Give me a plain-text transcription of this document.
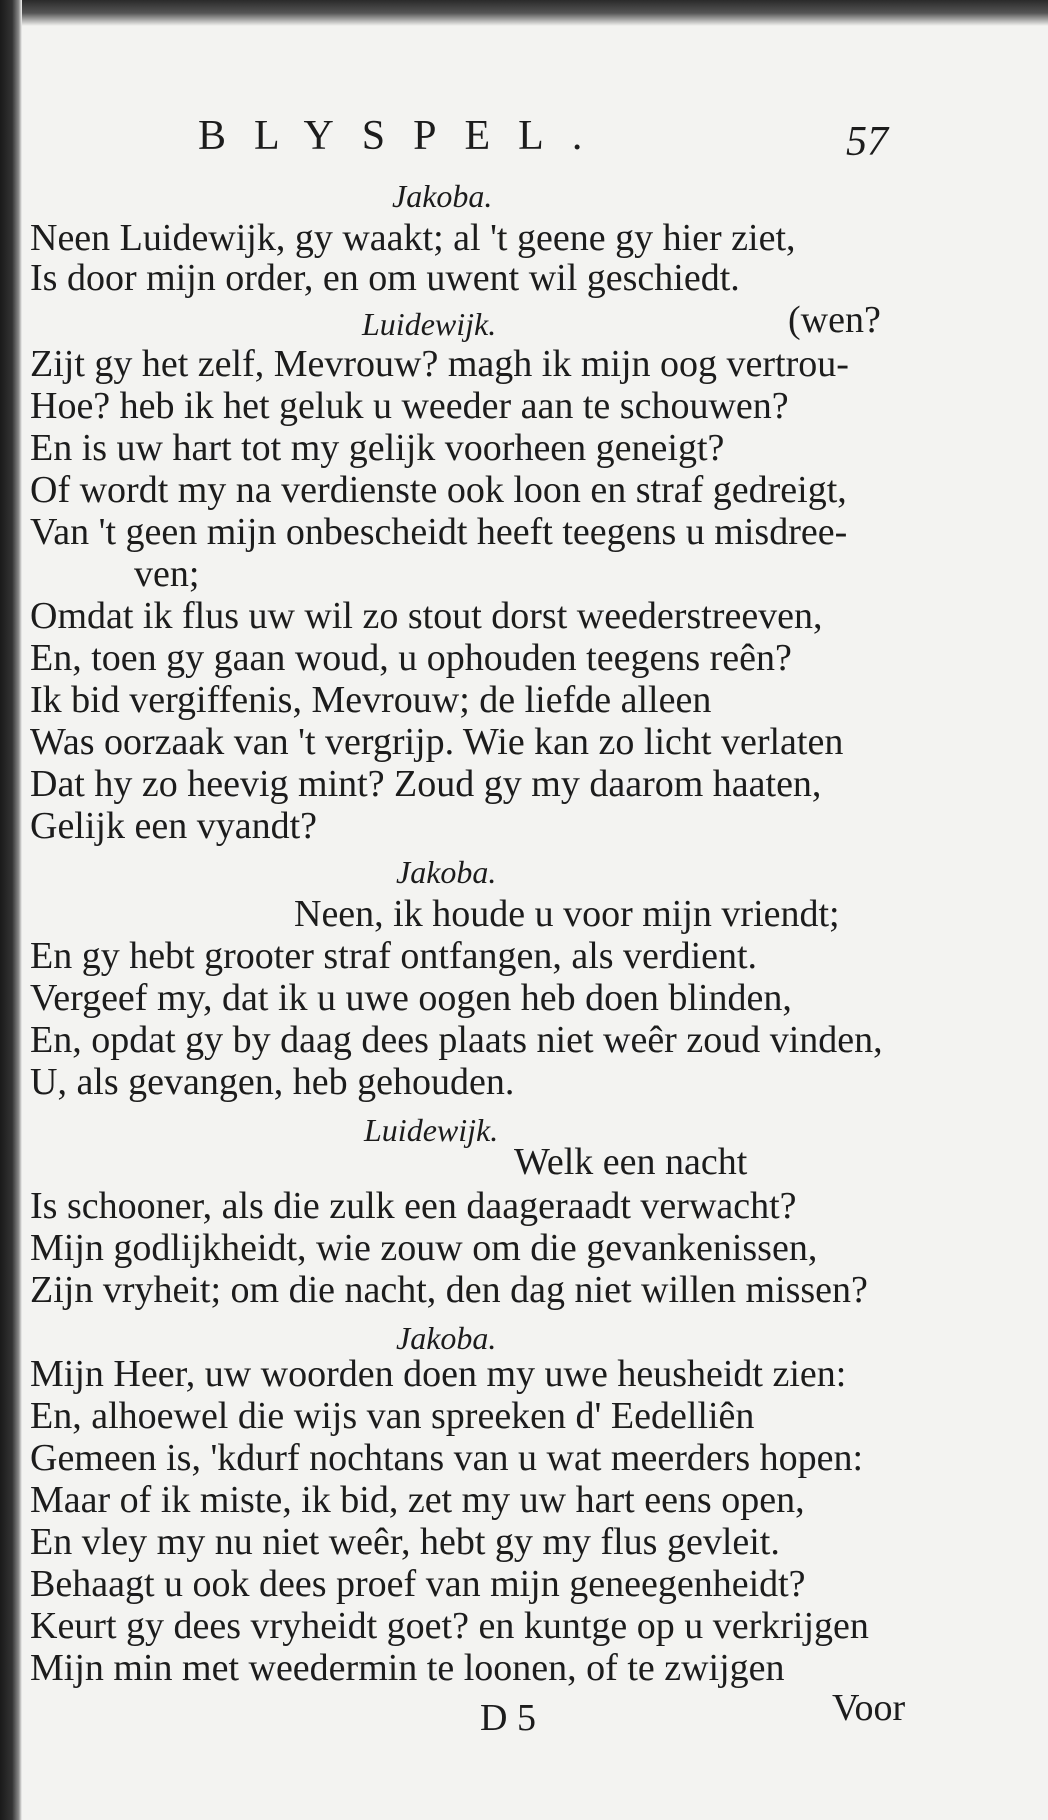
BLYSPEL.	57
Jakoba.
Neen Luidewijk, gy waakt; al 't geene gy hier ziet,
Is door mijn order, en om uwent wil geschiedt.
Luidewijk.	(wen?
Zijt gy het zelf, Mevrouw? magh ik mijn oog vertrou-
Hoe? heb ik het geluk u weeder aan te schouwen?
En is uw hart tot my gelijk voorheen geneigt?
Of wordt my na verdienste ook loon en straf gedreigt,
Van 't geen mijn onbescheidt heeft teegens u misdree-
ven;
Omdat ik flus uw wil zo stout dorst weederstreeven,
En, toen gy gaan woud, u ophouden teegens reên?
Ik bid vergiffenis, Mevrouw; de liefde alleen
Was oorzaak van 't vergrijp. Wie kan zo licht verlaten
Dat hy zo heevig mint? Zoud gy my daarom haaten,
Gelijk een vyandt?
Jakoba.
Neen, ik houde u voor mijn vriendt;
En gy hebt grooter straf ontfangen, als verdient.
Vergeef my, dat ik u uwe oogen heb doen blinden,
En, opdat gy by daag dees plaats niet weêr zoud vinden,
U, als gevangen, heb gehouden.
Luidewijk.
Welk een nacht
Is schooner, als die zulk een daageraadt verwacht?
Mijn godlijkheidt, wie zouw om die gevankenissen,
Zijn vryheit; om die nacht, den dag niet willen missen?
Jakoba.
Mijn Heer, uw woorden doen my uwe heusheidt zien:
En, alhoewel die wijs van spreeken d' Eedelliên
Gemeen is, 'kdurf nochtans van u wat meerders hopen:
Maar of ik miste, ik bid, zet my uw hart eens open,
En vley my nu niet weêr, hebt gy my flus gevleit.
Behaagt u ook dees proef van mijn geneegenheidt?
Keurt gy dees vryheidt goet? en kuntge op u verkrijgen
Mijn min met weedermin te loonen, of te zwijgen
D 5	Voor
